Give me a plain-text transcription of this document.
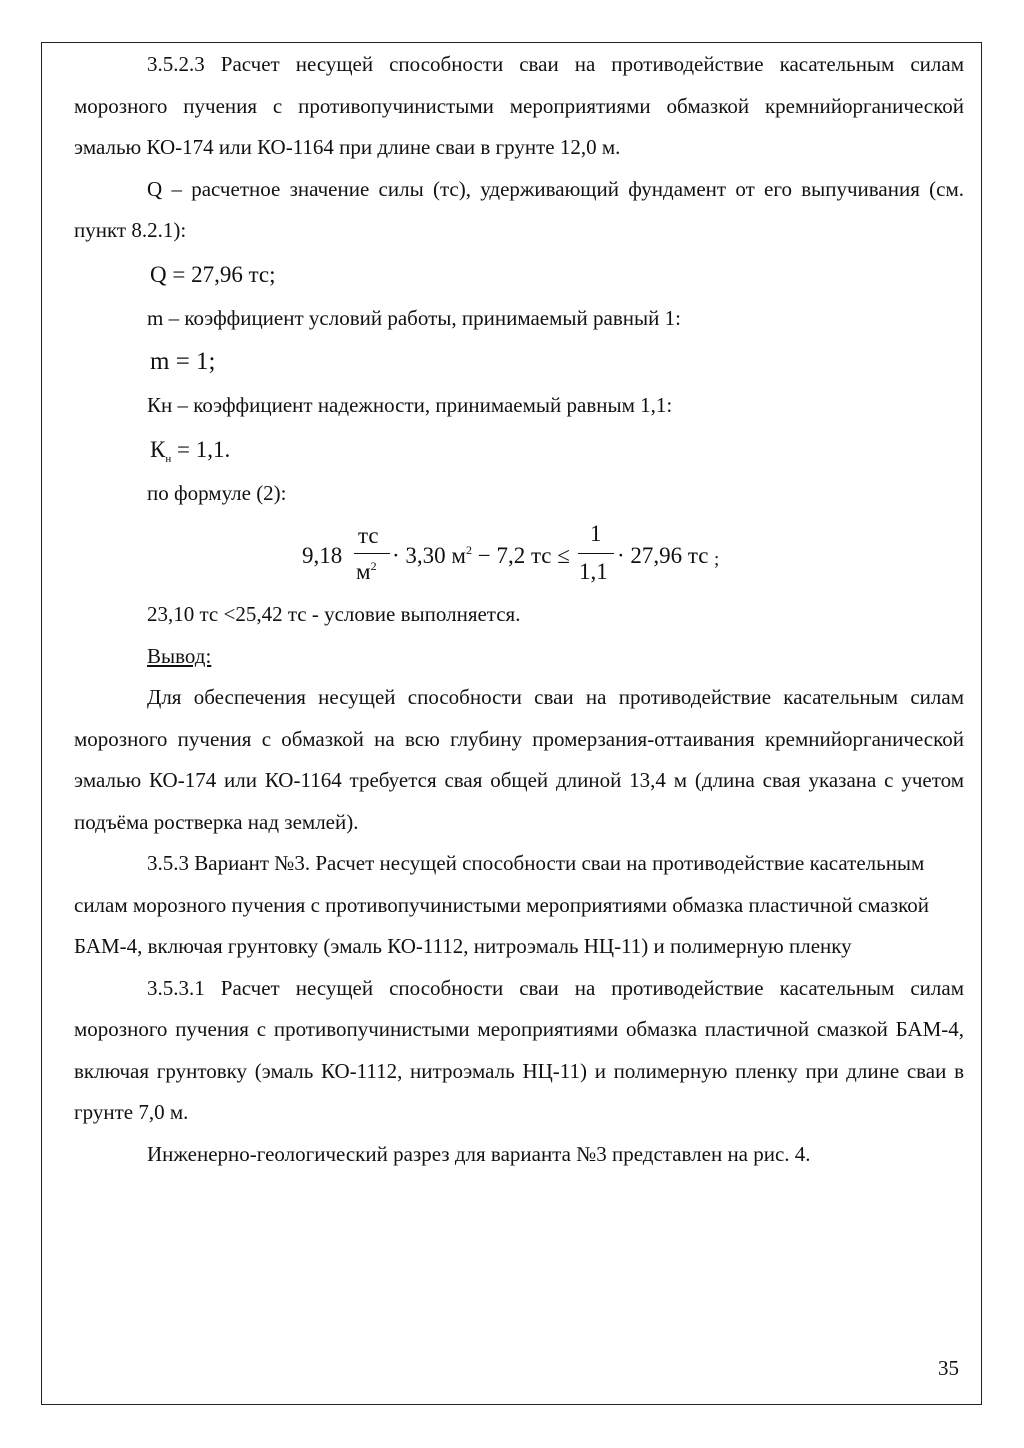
3.5.2.3 Расчет несущей способности сваи на противодействие касательным силам морозного пучения с противопучинистыми мероприятиями обмазкой кремнийорганической эмалью КО-174 или КО-1164 при длине сваи в грунте 12,0 м.

Q – расчетное значение силы (тс), удерживающий фундамент от его выпучивания (см. пункт 8.2.1):

Q = 27,96 тс;

m – коэффициент условий работы, принимаемый равный 1:

m = 1;

Кн – коэффициент надежности, принимаемый равным 1,1:

$К_н = 1,1$.

по формуле (2):

9,18
тс
$м^2 \cdot 3,30$ $м^2 - 7,2$ тс ≤
1
1,1
· 27,96 тс ;

23,10 тс <25,42 тс - условие выполняется.

Вывод:

Для обеспечения несущей способности сваи на противодействие касательным силам морозного пучения с обмазкой на всю глубину промерзания-оттаивания кремнийорганической эмалью КО-174 или КО-1164 требуется свая общей длиной 13,4 м (длина свая указана с учетом подъёма ростверка над землей).

3.5.3 Вариант №3. Расчет несущей способности сваи на противодействие касательным силам морозного пучения с противопучинистыми мероприятиями обмазка пластичной смазкой БАМ-4, включая грунтовку (эмаль КО-1112, нитроэмаль НЦ-11) и полимерную пленку

3.5.3.1 Расчет несущей способности сваи на противодействие касательным силам морозного пучения с противопучинистыми мероприятиями обмазка пластичной смазкой БАМ-4, включая грунтовку (эмаль КО-1112, нитроэмаль НЦ-11) и полимерную пленку при длине сваи в грунте 7,0 м.

Инженерно-геологический разрез для варианта №3 представлен на рис. 4.

35
